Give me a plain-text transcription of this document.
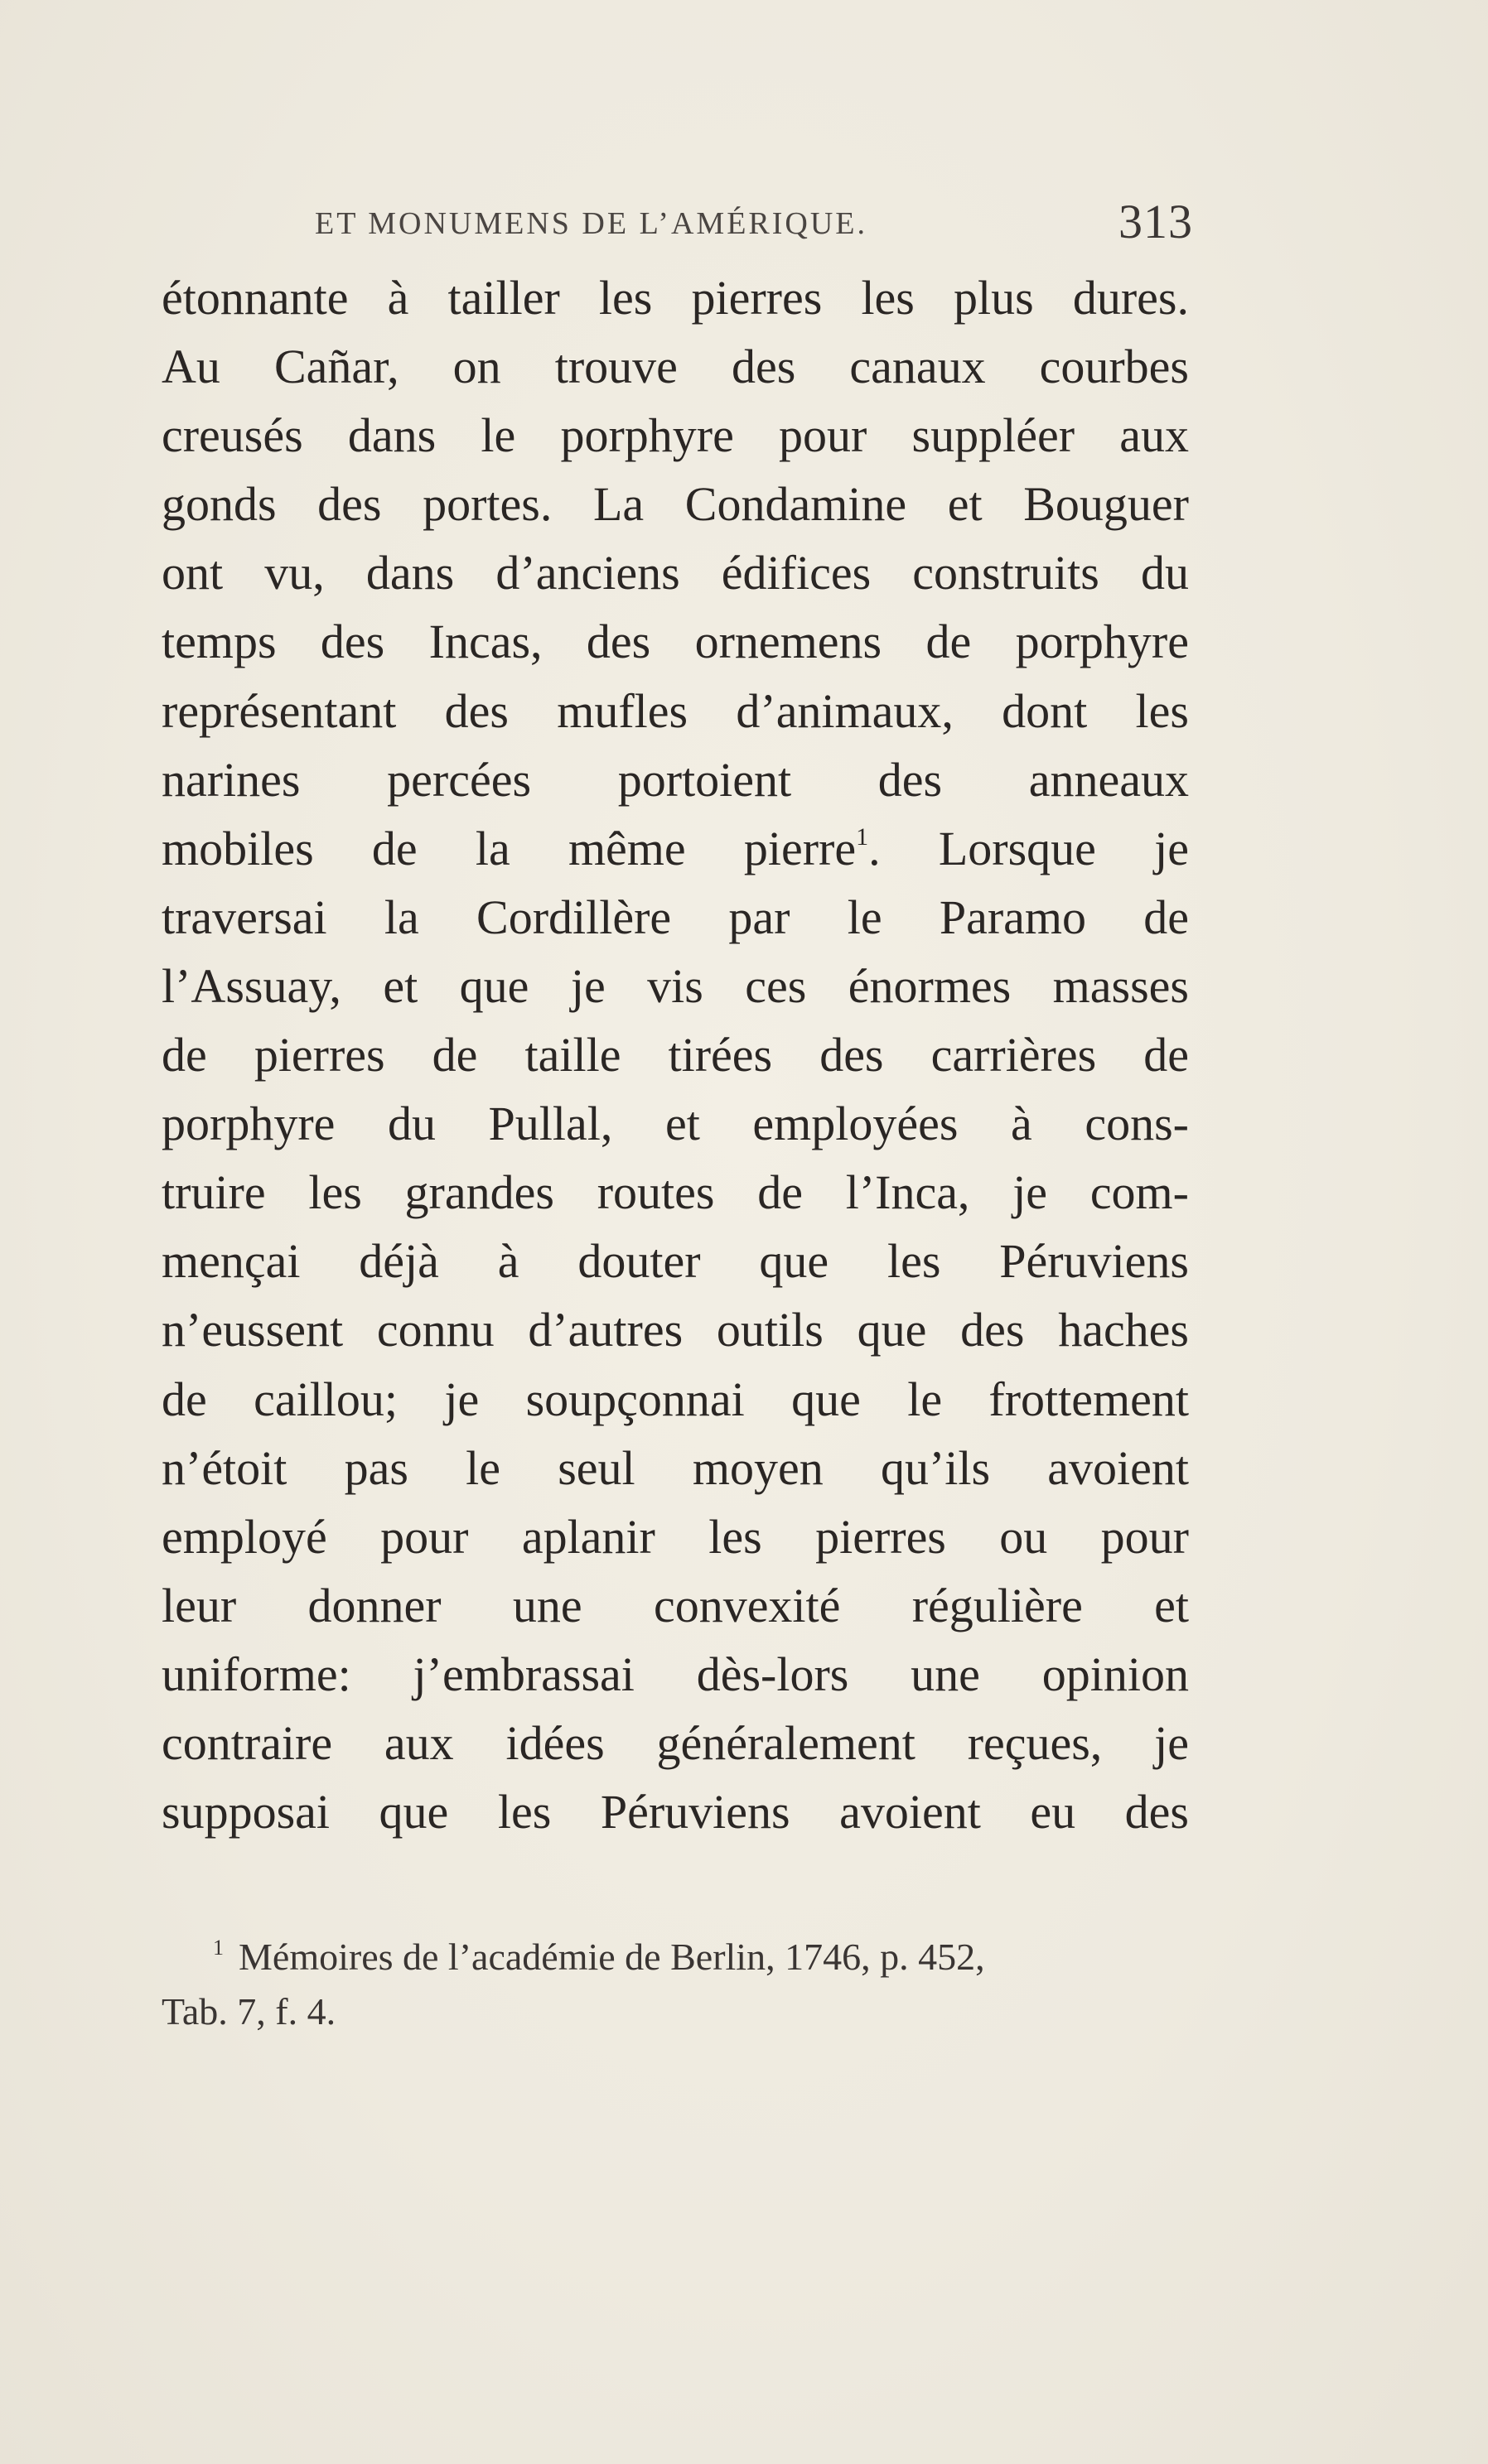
ET MONUMENS DE L’AMÉRIQUE.	313
étonnante à tailler les pierres les plus dures.
Au Cañar, on trouve des canaux courbes
creusés dans le porphyre pour suppléer aux
gonds des portes. La Condamine et Bouguer
ont vu, dans d’anciens édifices construits du
temps des Incas, des ornemens de porphyre
représentant des mufles d’animaux, dont les
narines percées portoient des anneaux
mobiles de la même pierre$^1$. Lorsque je
traversai la Cordillère par le Paramo de
l’Assuay, et que je vis ces énormes masses
de pierres de taille tirées des carrières de
porphyre du Pullal, et employées à cons-
truire les grandes routes de l’Inca, je com-
mençai déjà à douter que les Péruviens
n’eussent connu d’autres outils que des haches
de caillou; je soupçonnai que le frottement
n’étoit pas le seul moyen qu’ils avoient
employé pour aplanir les pierres ou pour
leur donner une convexité régulière et
uniforme: j’embrassai dès-lors une opinion
contraire aux idées généralement reçues, je
supposai que les Péruviens avoient eu des
$^1$ Mémoires de l’académie de Berlin, 1746, p. 452,
Tab. 7, f. 4.
